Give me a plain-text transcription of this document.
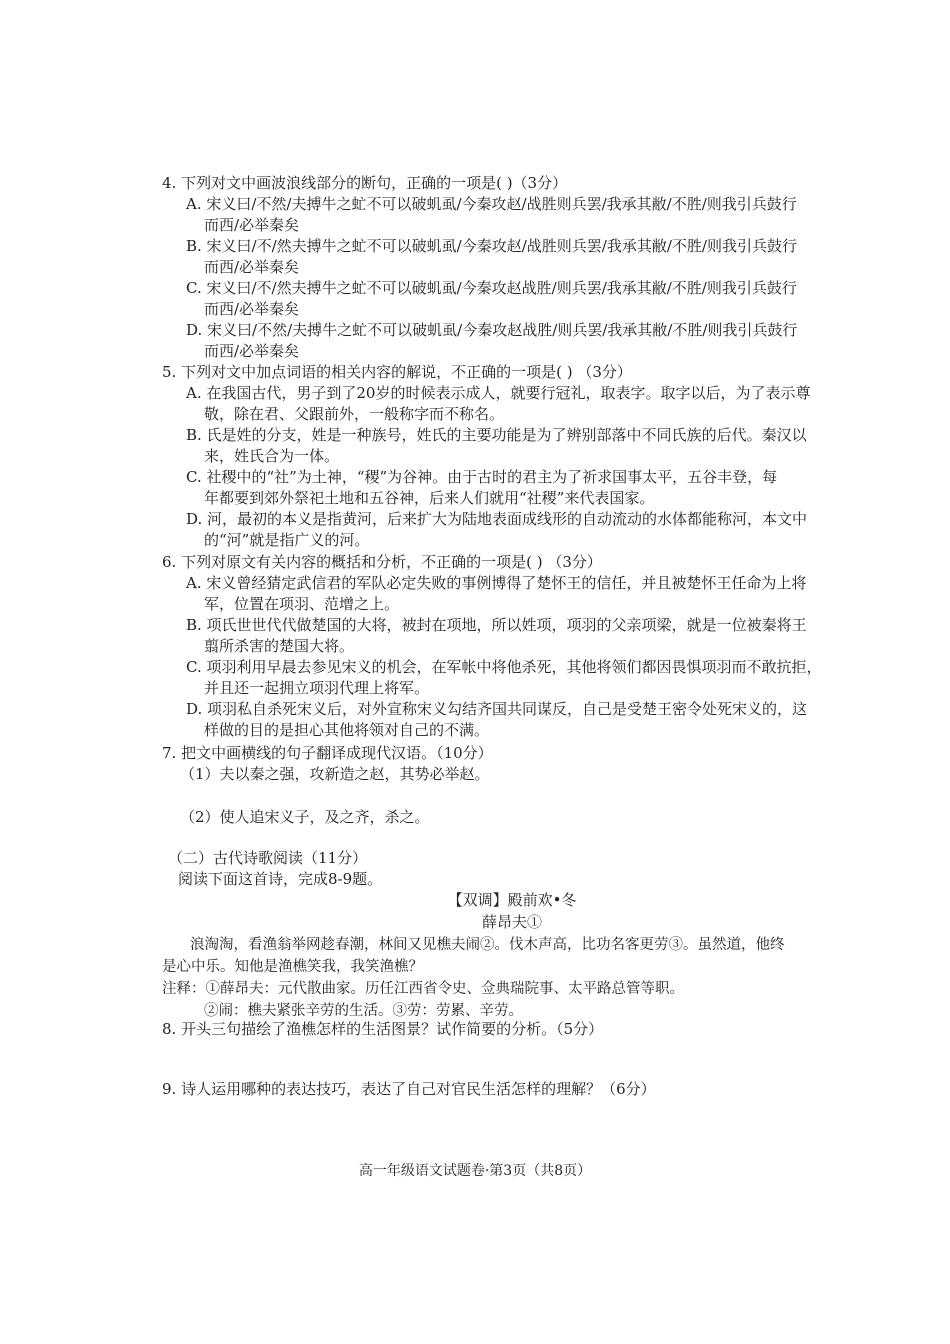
4. 下列对文中画波浪线部分的断句，正确的一项是( )（3分）
A. 宋义曰/不然/夫搏牛之虻不可以破虮虱/今秦攻赵/战胜则兵罢/我承其敝/不胜/则我引兵鼓行
而西/必举秦矣
B. 宋义曰/不/然夫搏牛之虻不可以破虮虱/今秦攻赵/战胜则兵罢/我承其敝/不胜/则我引兵鼓行
而西/必举秦矣
C. 宋义曰/不/然夫搏牛之虻不可以破虮虱/今秦攻赵战胜/则兵罢/我承其敝/不胜/则我引兵鼓行
而西/必举秦矣
D. 宋义曰/不然/夫搏牛之虻不可以破虮虱/今秦攻赵战胜/则兵罢/我承其敝/不胜/则我引兵鼓行
而西/必举秦矣
5. 下列对文中加点词语的相关内容的解说，不正确的一项是( ) （3分）
A. 在我国古代，男子到了20岁的时候表示成人，就要行冠礼，取表字。取字以后，为了表示尊
敬，除在君、父跟前外，一般称字而不称名。
B. 氏是姓的分支，姓是一种族号，姓氏的主要功能是为了辨别部落中不同氏族的后代。秦汉以
来，姓氏合为一体。
C. 社稷中的“社”为土神，“稷”为谷神。由于古时的君主为了祈求国事太平，五谷丰登，每
年都要到郊外祭祀土地和五谷神，后来人们就用“社稷”来代表国家。
D. 河，最初的本义是指黄河，后来扩大为陆地表面成线形的自动流动的水体都能称河，本文中
的“河”就是指广义的河。
6. 下列对原文有关内容的概括和分析，不正确的一项是( ) （3分）
A. 宋义曾经猜定武信君的军队必定失败的事例博得了楚怀王的信任，并且被楚怀王任命为上将
军，位置在项羽、范增之上。
B. 项氏世世代代做楚国的大将，被封在项地，所以姓项，项羽的父亲项梁，就是一位被秦将王
翦所杀害的楚国大将。
C. 项羽利用早晨去参见宋义的机会，在军帐中将他杀死，其他将领们都因畏惧项羽而不敢抗拒，
并且还一起拥立项羽代理上将军。
D. 项羽私自杀死宋义后，对外宣称宋义勾结齐国共同谋反，自己是受楚王密令处死宋义的，这
样做的目的是担心其他将领对自己的不满。
7. 把文中画横线的句子翻译成现代汉语。（10分）
（1）夫以秦之强，攻新造之赵，其势必举赵。
（2）使人追宋义子，及之齐，杀之。
（二）古代诗歌阅读（11分）
阅读下面这首诗，完成8-9题。
【双调】殿前欢•冬
薛昂夫①
浪淘淘，看渔翁举网趁春潮，林间又见樵夫闹②。伐木声高，比功名客更劳③。虽然道，他终
是心中乐。知他是渔樵笑我，我笑渔樵？
注释：①薛昂夫：元代散曲家。历任江西省令史、佥典瑞院事、太平路总管等职。
②闹：樵夫紧张辛劳的生活。③劳：劳累、辛劳。
8. 开头三句描绘了渔樵怎样的生活图景？试作简要的分析。（5分）
9. 诗人运用哪种的表达技巧，表达了自己对官民生活怎样的理解？（6分）
高一年级语文试题卷·第3页（共8页）
